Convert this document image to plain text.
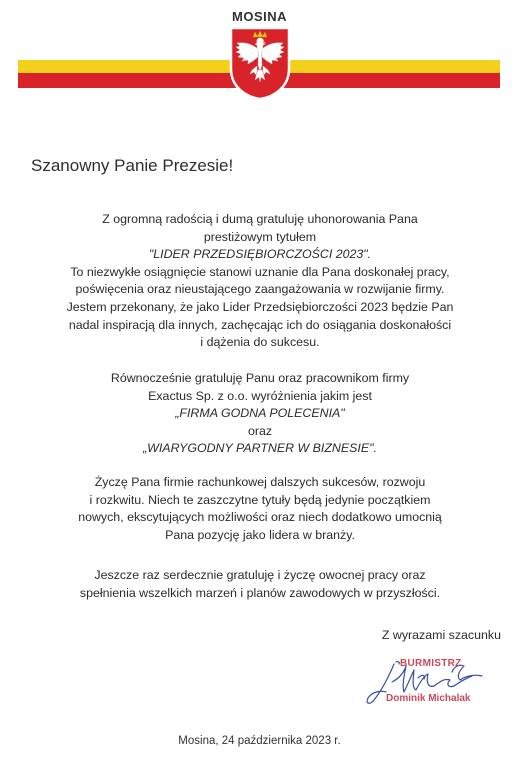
MOSINA
Szanowny Panie Prezesie!
Z ogromną radością i dumą gratuluję uhonorowania Pana
prestiżowym tytułem
"LIDER PRZEDSIĘBIORCZOŚCI 2023".
To niezwykłe osiągnięcie stanowi uznanie dla Pana doskonałej pracy,
poświęcenia oraz nieustającego zaangażowania w rozwijanie firmy.
Jestem przekonany, że jako Lider Przedsiębiorczości 2023 będzie Pan
nadal inspiracją dla innych, zachęcając ich do osiągania doskonałości
i dążenia do sukcesu.
Równocześnie gratuluję Panu oraz pracownikom firmy
Exactus Sp. z o.o. wyróżnienia jakim jest
„FIRMA GODNA POLECENIA"
oraz
„WIARYGODNY PARTNER W BIZNESIE".
Życzę Pana firmie rachunkowej dalszych sukcesów, rozwoju
i rozkwitu. Niech te zaszczytne tytuły będą jedynie początkiem
nowych, ekscytujących możliwości oraz niech dodatkowo umocnią
Pana pozycję jako lidera w branży.
Jeszcze raz serdecznie gratuluję i życzę owocnej pracy oraz
spełnienia wszelkich marzeń i planów zawodowych w przyszłości.
Z wyrazami szacunku
BURMISTRZ
Dominik Michalak
Mosina, 24 października 2023 r.
